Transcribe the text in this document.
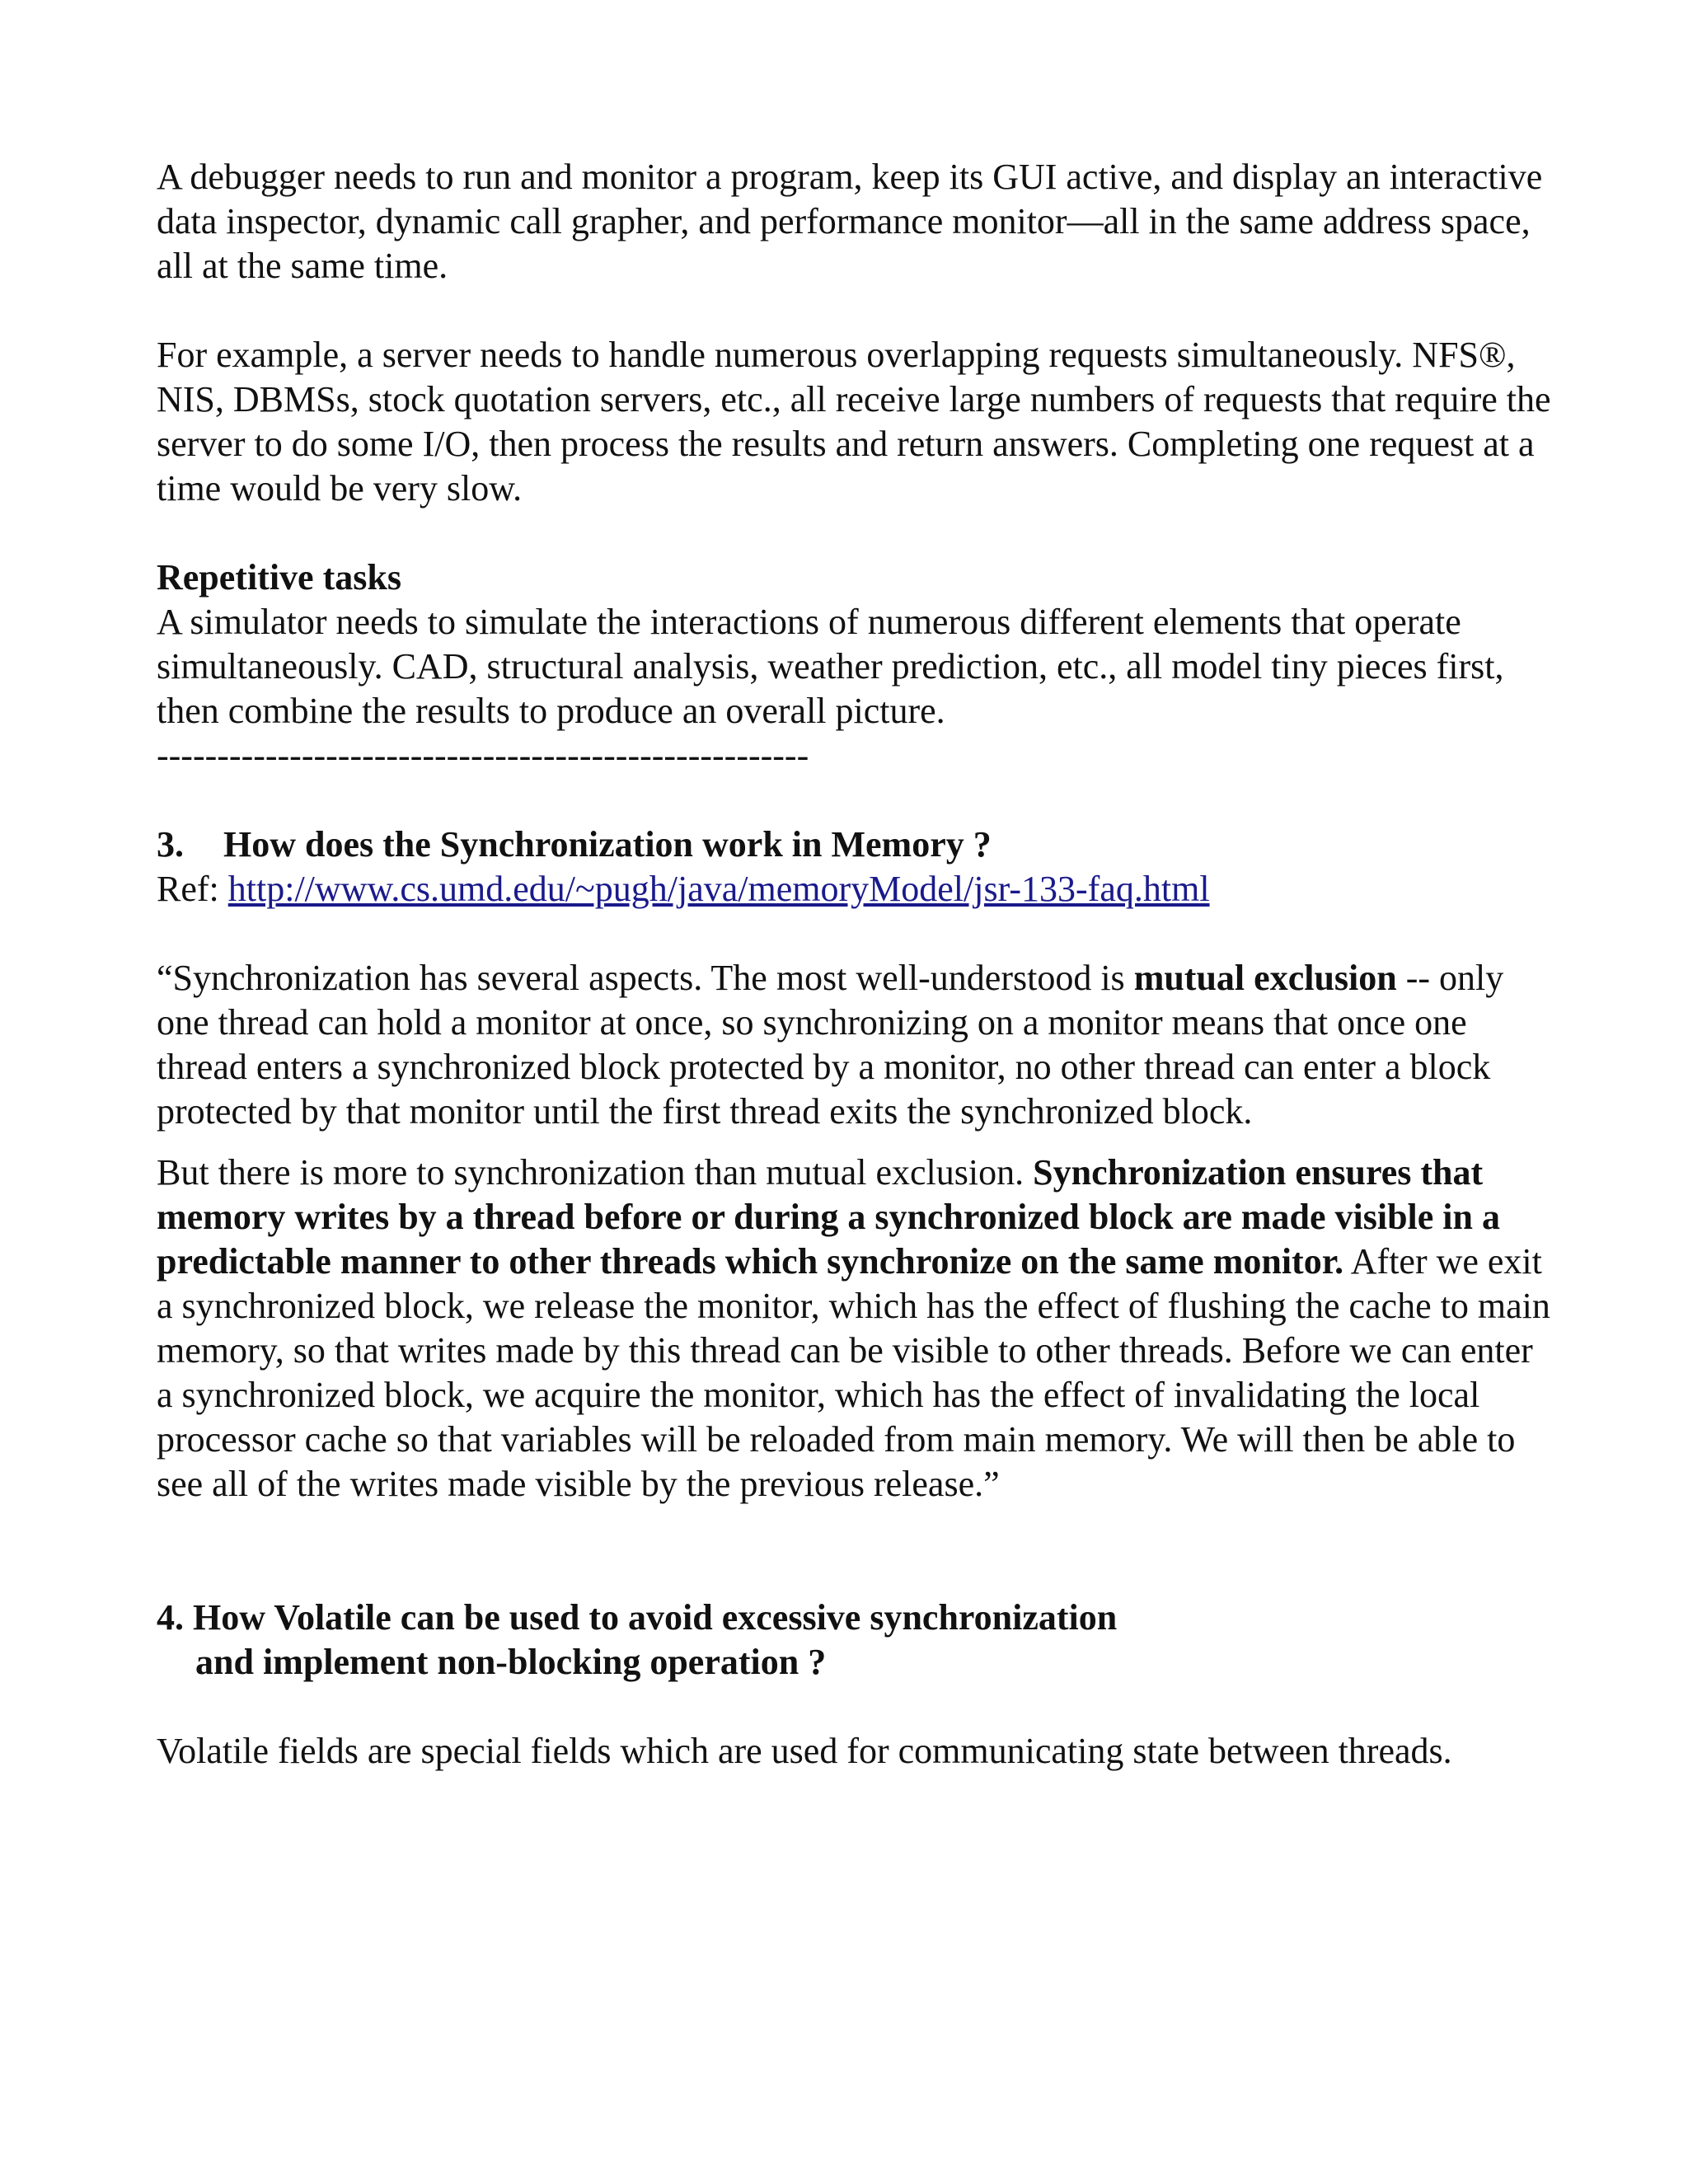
A debugger needs to run and monitor a program, keep its GUI active, and display an interactive data inspector, dynamic call grapher, and performance monitor—all in the same address space, all at the same time.

For example, a server needs to handle numerous overlapping requests simultaneously. NFS®, NIS, DBMSs, stock quotation servers, etc., all receive large numbers of requests that require the server to do some I/O, then process the results and return answers. Completing one request at a time would be very slow.

Repetitive tasks

A simulator needs to simulate the interactions of numerous different elements that operate simultaneously. CAD, structural analysis, weather prediction, etc., all model tiny pieces first, then combine the results to produce an overall picture.

------------------------------------------------------

3. How does the Synchronization work in Memory ?

Ref: http://www.cs.umd.edu/~pugh/java/memoryModel/jsr-133-faq.html

“Synchronization has several aspects. The most well-understood is mutual exclusion -- only one thread can hold a monitor at once, so synchronizing on a monitor means that once one thread enters a synchronized block protected by a monitor, no other thread can enter a block protected by that monitor until the first thread exits the synchronized block.

But there is more to synchronization than mutual exclusion. Synchronization ensures that memory writes by a thread before or during a synchronized block are made visible in a predictable manner to other threads which synchronize on the same monitor. After we exit a synchronized block, we release the monitor, which has the effect of flushing the cache to main memory, so that writes made by this thread can be visible to other threads. Before we can enter a synchronized block, we acquire the monitor, which has the effect of invalidating the local processor cache so that variables will be reloaded from main memory. We will then be able to see all of the writes made visible by the previous release.”

4. How Volatile can be used to avoid excessive synchronization

and implement non-blocking operation ?

Volatile fields are special fields which are used for communicating state between threads.
